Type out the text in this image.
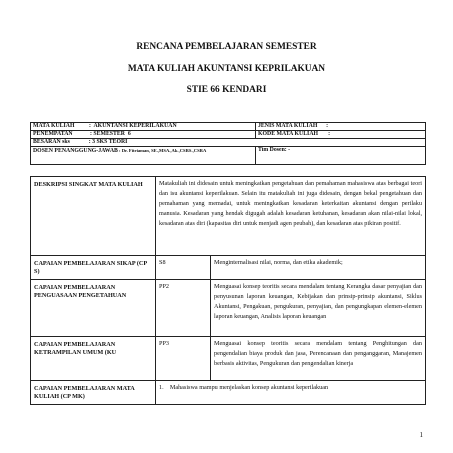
RENCANA PEMBELAJARAN SEMESTER
MATA KULIAH AKUNTANSI KEPRILAKUAN
STIE 66 KENDARI
MATA KULIAH          :  AKUNTANSI KEPERILAKUAN	JENIS MATA KULIAH      :
PENEMPATAN            : SEMESTER  6	KODE MATA KULIAH       :
BESARAN sks             : 3 SKS TEORI	
DOSEN PENANGGUNG-JAWAB : Dr. Fitriaman, SE.,MSA.,Ak.,CSRS.,CSRA	Tim Dosen: -
DESKRIPSI SINGKAT MATA KULIAH	Matakuliah ini didesain untuk meningkatkan pengetahuan dan pemahaman mahasiswa atas berbagai teori dan isu akuntansi keperilakuan. Selain itu matakuliah ini juga didesain, dengan bekal pengetahuan dan pemahaman yang memadai, untuk meningkatkan kesadaran keterkaitan akuntansi dengan perilaku manusia. Kesadaran yang hendak digugah adalah kesadaran ketuhanan, kesadaran akan nilai-nilai lokal, kesadaran atas diri (kapasitas diri untuk menjadi agen peubah), dan kesadaran atas pikiran positif.	
CAPAIAN PEMBELAJARAN SIKAP (CP S)	S8	Menginternalisasi nilai, norma, dan etika akademik;
CAPAIAN PEMBELAJARAN PENGUASAAN PENGETAHUAN	PP2	Menguasai konsep teoritis secara mendalam tentang Kerangka dasar penyajian dan penyusunan laporan keuangan, Kebijakan dan prinsip-prinsip akuntansi, Siklus Akuntansi, Pengakuan, pengukuran, penyajian, dan pengungkapan elemen-elemen laporan keuangan, Analisis laporan keuangan
CAPAIAN PEMBELAJARAN KETRAMPILAN UMUM (KU	PP3	Menguasai konsep teoritis secara mendalam tentang Penghitungan dan pengendalian biaya produk dan jasa, Perencanaan dan penganggaran, Manajemen berbasis aktivitas, Pengukuran dan pengendalian kinerja
CAPAIAN PEMBELAJARAN MATA KULIAH (CP MK)	1.    Mahasiswa mampu menjelaskan konsep akuntansi keperilakuan	
1
